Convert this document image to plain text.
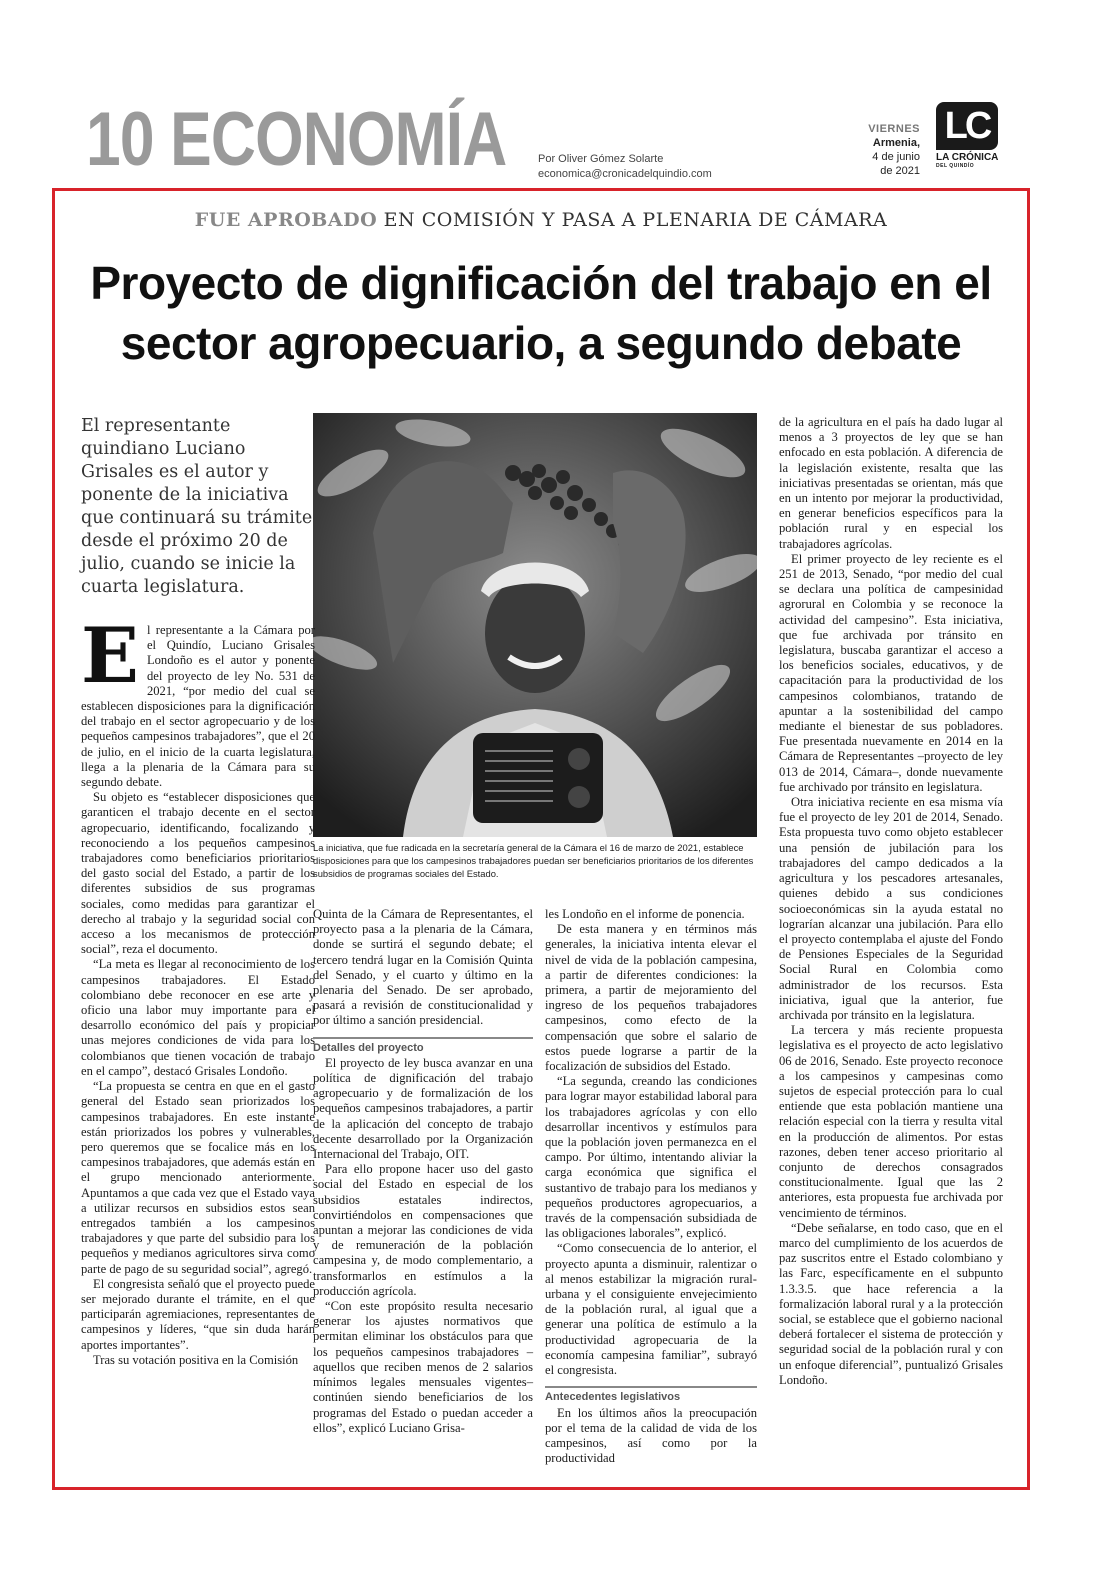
10 ECONOMÍA	Por Oliver Gómez Solarte
economica@cronicadelquindio.com
VIERNES
Armenia,
4 de junio
de 2021
LC
LA CRÓNICA
DEL QUINDÍO
FUE APROBADO EN COMISIÓN Y PASA A PLENARIA DE CÁMARA
Proyecto de dignificación del trabajo en el
sector agropecuario, a segundo debate
El representante quindiano Luciano Grisales es el autor y ponente de la iniciativa que continuará su trámite desde el próximo 20 de julio, cuando se inicie la cuarta legislatura.
La iniciativa, que fue radicada en la secretaría general de la Cámara el 16 de marzo de 2021, establece disposiciones para que los campesinos trabajadores puedan ser beneficiarios prioritarios de los diferentes subsidios de programas sociales del Estado.

El representante a la Cámara por el Quindío, Luciano Grisales Londoño es el autor y ponente del proyecto de ley No. 531 de 2021, “por medio del cual se establecen disposiciones para la dignificación del trabajo en el sector agropecuario y de los pequeños campesinos trabajadores”, que el 20 de julio, en el inicio de la cuarta legislatura, llega a la plenaria de la Cámara para su segundo debate.

Su objeto es “establecer disposiciones que garanticen el trabajo decente en el sector agropecuario, identificando, focalizando y reconociendo a los pequeños campesinos trabajadores como beneficiarios prioritarios del gasto social del Estado, a partir de los diferentes subsidios de sus programas sociales, como medidas para garantizar el derecho al trabajo y la seguridad social con acceso a los mecanismos de protección social”, reza el documento.

“La meta es llegar al reconocimiento de los campesinos trabajadores. El Estado colombiano debe reconocer en ese arte y oficio una labor muy importante para el desarrollo económico del país y propiciar unas mejores condiciones de vida para los colombianos que tienen vocación de trabajo en el campo”, destacó Grisales Londoño.

“La propuesta se centra en que en el gasto general del Estado sean priorizados los campesinos trabajadores. En este instante están priorizados los pobres y vulnerables, pero queremos que se focalice más en los campesinos trabajadores, que además están en el grupo mencionado anteriormente. Apuntamos a que cada vez que el Estado vaya a utilizar recursos en subsidios estos sean entregados también a los campesinos trabajadores y que parte del subsidio para los pequeños y medianos agricultores sirva como parte de pago de su seguridad social”, agregó.

El congresista señaló que el proyecto puede ser mejorado durante el trámite, en el que participarán agremiaciones, representantes de campesinos y líderes, “que sin duda harán aportes importantes”.

Tras su votación positiva en la Comisión

Quinta de la Cámara de Representantes, el proyecto pasa a la plenaria de la Cámara, donde se surtirá el segundo debate; el tercero tendrá lugar en la Comisión Quinta del Senado, y el cuarto y último en la plenaria del Senado. De ser aprobado, pasará a revisión de constitucionalidad y por último a sanción presidencial.

Detalles del proyecto

El proyecto de ley busca avanzar en una política de dignificación del trabajo agropecuario y de formalización de los pequeños campesinos trabajadores, a partir de la aplicación del concepto de trabajo decente desarrollado por la Organización Internacional del Trabajo, OIT.

Para ello propone hacer uso del gasto social del Estado en especial de los subsidios estatales indirectos, convirtiéndolos en compensaciones que apuntan a mejorar las condiciones de vida y de remuneración de la población campesina y, de modo complementario, a transformarlos en estímulos a la producción agrícola.

“Con este propósito resulta necesario generar los ajustes normativos que permitan eliminar los obstáculos para que los pequeños campesinos trabajadores –aquellos que reciben menos de 2 salarios mínimos legales mensuales vigentes– continúen siendo beneficiarios de los programas del Estado o puedan acceder a ellos”, explicó Luciano Grisa-

les Londoño en el informe de ponencia.

De esta manera y en términos más generales, la iniciativa intenta elevar el nivel de vida de la población campesina, a partir de diferentes condiciones: la primera, a partir de mejoramiento del ingreso de los pequeños trabajadores campesinos, como efecto de la compensación que sobre el salario de estos puede lograrse a partir de la focalización de subsidios del Estado.

“La segunda, creando las condiciones para lograr mayor estabilidad laboral para los trabajadores agrícolas y con ello desarrollar incentivos y estímulos para que la población joven permanezca en el campo. Por último, intentando aliviar la carga económica que significa el sustantivo de trabajo para los medianos y pequeños productores agropecuarios, a través de la compensación subsidiada de las obligaciones laborales”, explicó.

“Como consecuencia de lo anterior, el proyecto apunta a disminuir, ralentizar o al menos estabilizar la migración rural-urbana y el consiguiente envejecimiento de la población rural, al igual que a generar una política de estímulo a la productividad agropecuaria de la economía campesina familiar”, subrayó el congresista.

Antecedentes legislativos

En los últimos años la preocupación por el tema de la calidad de vida de los campesinos, así como por la productividad

de la agricultura en el país ha dado lugar al menos a 3 proyectos de ley que se han enfocado en esta población. A diferencia de la legislación existente, resalta que las iniciativas presentadas se orientan, más que en un intento por mejorar la productividad, en generar beneficios específicos para la población rural y en especial los trabajadores agrícolas.

El primer proyecto de ley reciente es el 251 de 2013, Senado, “por medio del cual se declara una política de campesinidad agrorural en Colombia y se reconoce la actividad del campesino”. Esta iniciativa, que fue archivada por tránsito en legislatura, buscaba garantizar el acceso a los beneficios sociales, educativos, y de capacitación para la productividad de los campesinos colombianos, tratando de apuntar a la sostenibilidad del campo mediante el bienestar de sus pobladores. Fue presentada nuevamente en 2014 en la Cámara de Representantes –proyecto de ley 013 de 2014, Cámara–, donde nuevamente fue archivado por tránsito en legislatura.

Otra iniciativa reciente en esa misma vía fue el proyecto de ley 201 de 2014, Senado. Esta propuesta tuvo como objeto establecer una pensión de jubilación para los trabajadores del campo dedicados a la agricultura y los pescadores artesanales, quienes debido a sus condiciones socioeconómicas sin la ayuda estatal no lograrían alcanzar una jubilación. Para ello el proyecto contemplaba el ajuste del Fondo de Pensiones Especiales de la Seguridad Social Rural en Colombia como administrador de los recursos. Esta iniciativa, igual que la anterior, fue archivada por tránsito en la legislatura.

La tercera y más reciente propuesta legislativa es el proyecto de acto legislativo 06 de 2016, Senado. Este proyecto reconoce a los campesinos y campesinas como sujetos de especial protección para lo cual entiende que esta población mantiene una relación especial con la tierra y resulta vital en la producción de alimentos. Por estas razones, deben tener acceso prioritario al conjunto de derechos consagrados constitucionalmente. Igual que las 2 anteriores, esta propuesta fue archivada por vencimiento de términos.

“Debe señalarse, en todo caso, que en el marco del cumplimiento de los acuerdos de paz suscritos entre el Estado colombiano y las Farc, específicamente en el subpunto 1.3.3.5. que hace referencia a la formalización laboral rural y a la protección social, se establece que el gobierno nacional deberá fortalecer el sistema de protección y seguridad social de la población rural y con un enfoque diferencial”, puntualizó Grisales Londoño.
